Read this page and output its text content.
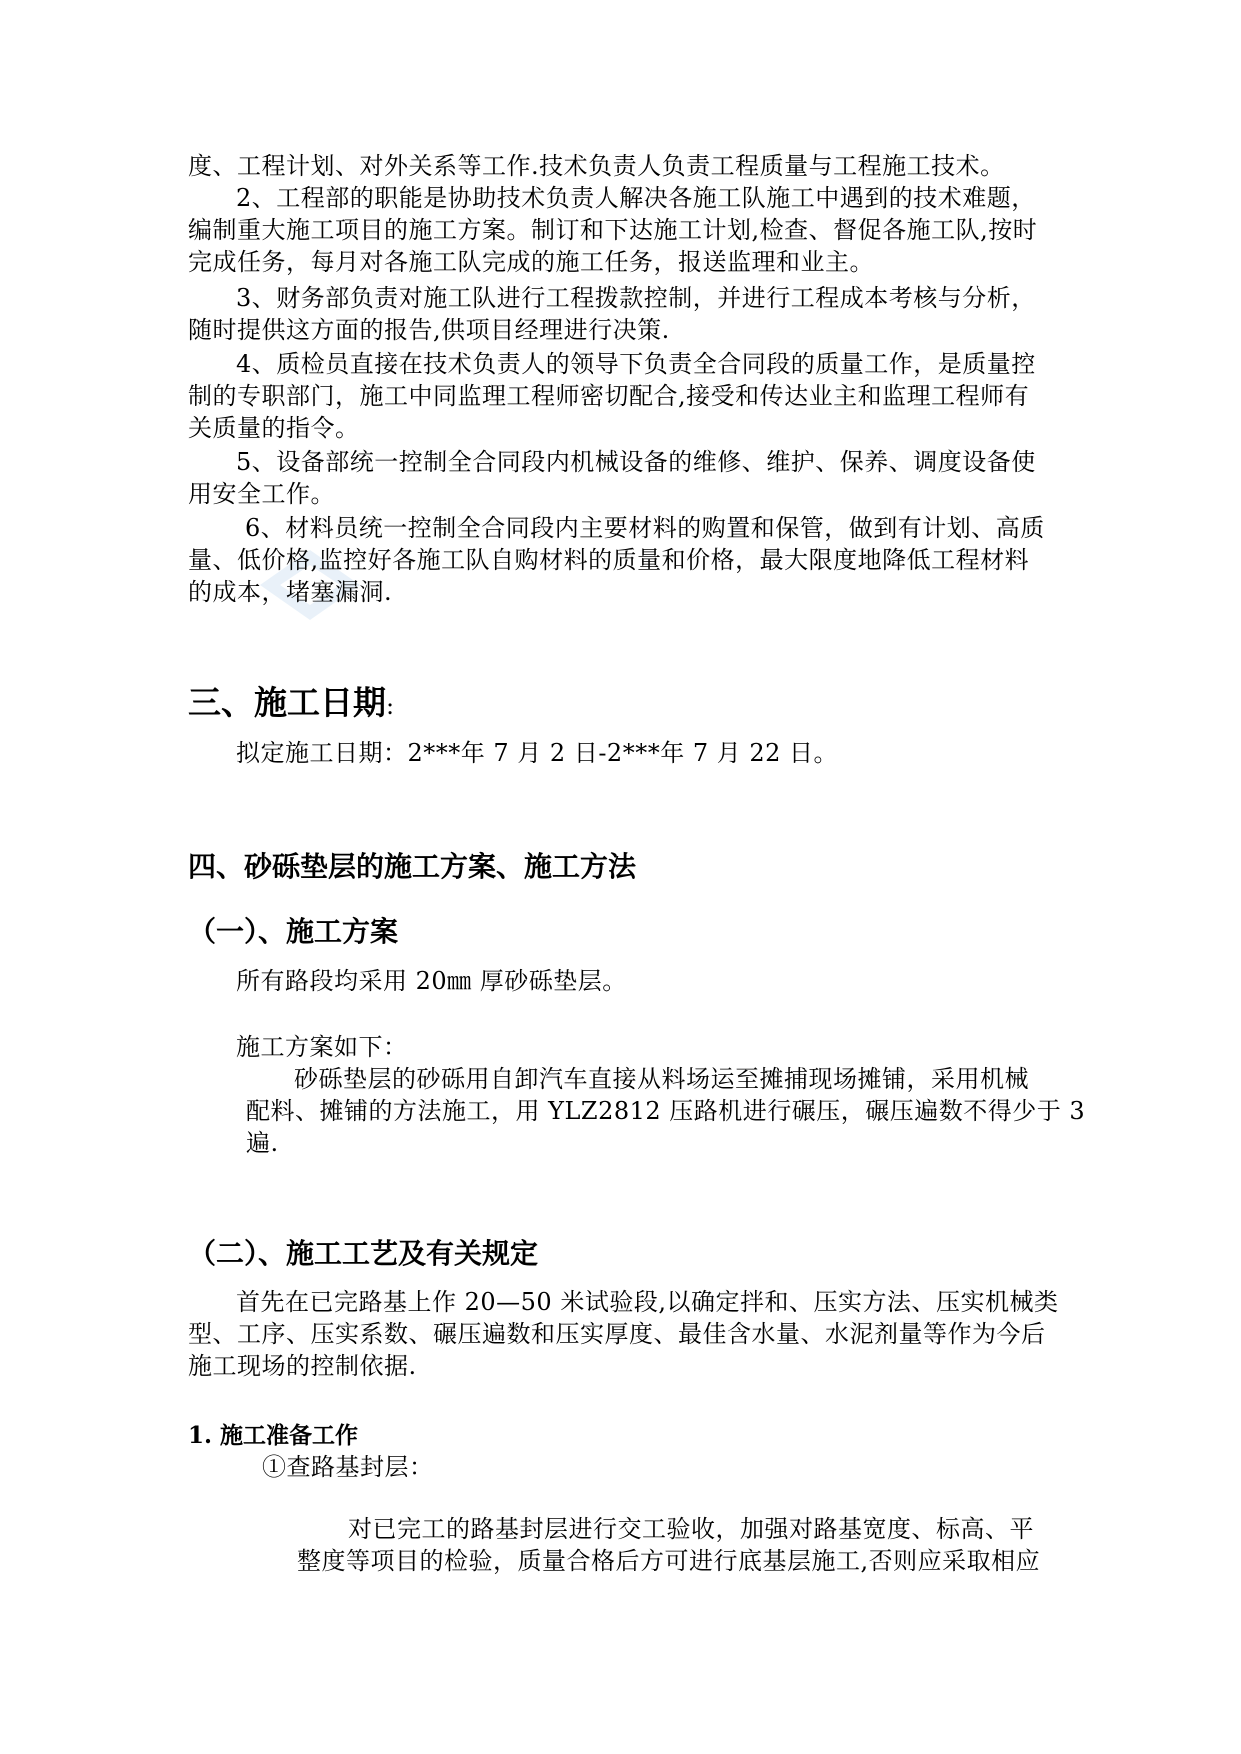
度、工程计划、对外关系等工作.技术负责人负责工程质量与工程施工技术。
2、工程部的职能是协助技术负责人解决各施工队施工中遇到的技术难题，
编制重大施工项目的施工方案。制订和下达施工计划,检查、督促各施工队,按时
完成任务，每月对各施工队完成的施工任务，报送监理和业主。
3、财务部负责对施工队进行工程拨款控制，并进行工程成本考核与分析，
随时提供这方面的报告,供项目经理进行决策.
4、质检员直接在技术负责人的领导下负责全合同段的质量工作，是质量控
制的专职部门，施工中同监理工程师密切配合,接受和传达业主和监理工程师有
关质量的指令。
5、设备部统一控制全合同段内机械设备的维修、维护、保养、调度设备使
用安全工作。
6、材料员统一控制全合同段内主要材料的购置和保管，做到有计划、高质
量、低价格,监控好各施工队自购材料的质量和价格，最大限度地降低工程材料
的成本，堵塞漏洞.
三、施工日期:
拟定施工日期：2***年 7 月 2 日-2***年 7 月 22 日。
四、砂砾垫层的施工方案、施工方法
（一）、施工方案
所有路段均采用 20㎜ 厚砂砾垫层。
施工方案如下：
砂砾垫层的砂砾用自卸汽车直接从料场运至摊捕现场摊铺，采用机械
配料、摊铺的方法施工，用 YLZ2812 压路机进行碾压，碾压遍数不得少于 3
遍.
（二）、施工工艺及有关规定
首先在已完路基上作 20—50 米试验段,以确定拌和、压实方法、压实机械类
型、工序、压实系数、碾压遍数和压实厚度、最佳含水量、水泥剂量等作为今后
施工现场的控制依据.
1. 施工准备工作
①查路基封层：
对已完工的路基封层进行交工验收，加强对路基宽度、标高、平
整度等项目的检验，质量合格后方可进行底基层施工,否则应采取相应
